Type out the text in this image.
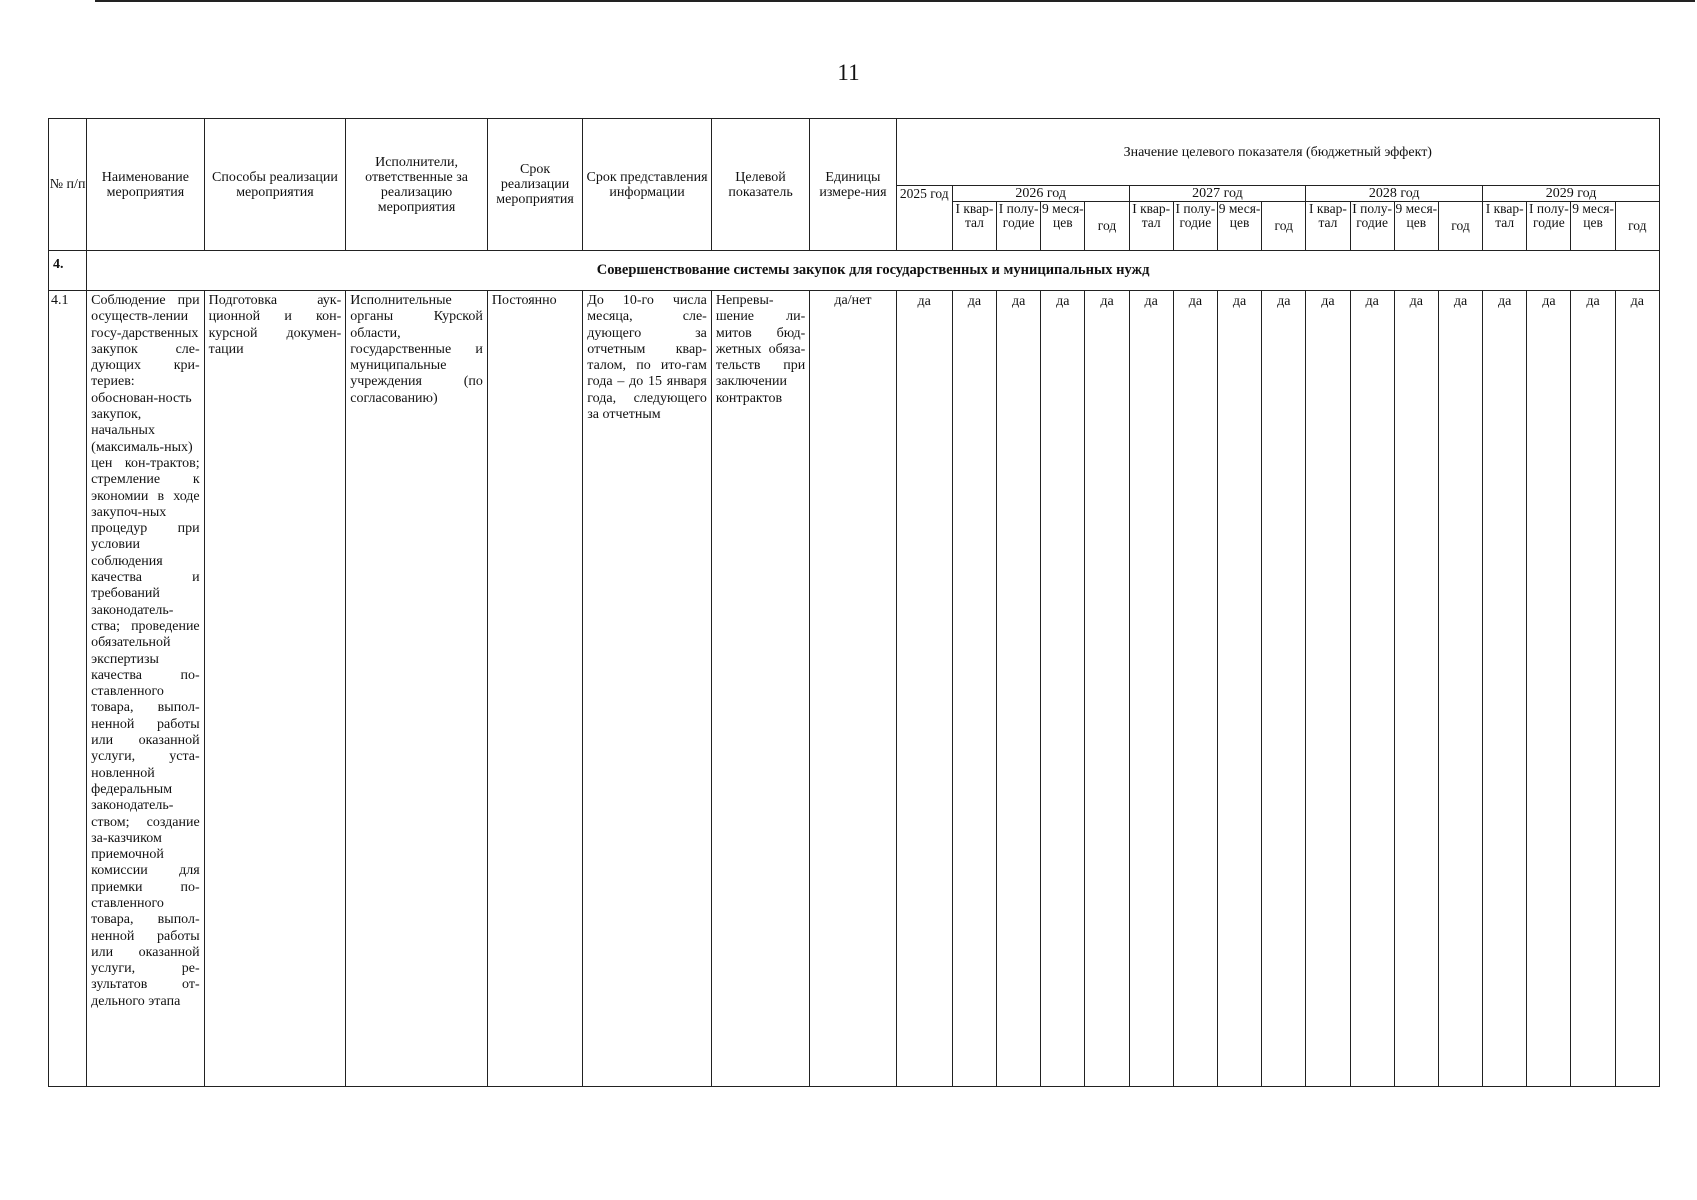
11
№ п/п	Наименование мероприятия	Способы реализации мероприятия	Исполнители, ответственные за реализацию мероприятия	Срок реализации мероприятия	Срок представления информации	Целевой показатель	Единицы измере-ния	Значение целевого показателя (бюджетный эффект)																
								2025 год	2026 год				2027 год				2028 год				2029 год			
									I квар-тал	I полу-годие	9 меся-цев	год	I квар-тал	I полу-годие	9 меся-цев	год	I квар-тал	I полу-годие	9 меся-цев	год	I квар-тал	I полу-годие	9 меся-цев	год

4.	Совершенствование системы закупок для государственных и муниципальных нужд																							
4.1	Соблюдение при осуществ-лении госу-дарственных закупок сле-дующих кри-териев: обоснован-ность закупок, начальных (максималь-ных) цен кон-трактов; стремление к экономии в ходе закупоч-ных процедур при условии соблюдения качества и требований законодатель-ства; проведение обязательной экспертизы качества по-ставленного товара, выпол-ненной работы или оказанной услуги, уста-новленной федеральным законодатель-ством; создание за-казчиком приемочной комиссии для приемки по-ставленного товара, выпол-ненной работы или оказанной услуги, ре-зультатов от-дельного этапа	Подготовка аук-ционной и кон-курсной докумен-тации	Исполнительные органы Курской области, государственные и муниципальные учреждения (по согласованию)	Постоянно	До 10-го числа месяца, сле-дующего за отчетным квар-талом, по ито-гам года – до 15 января года, следующего за отчетным	Непревы-шение ли-митов бюд-жетных обяза-тельств при заключении контрактов	да/нет	да	да	да	да	да	да	да	да	да	да	да	да	да	да	да	да	да
